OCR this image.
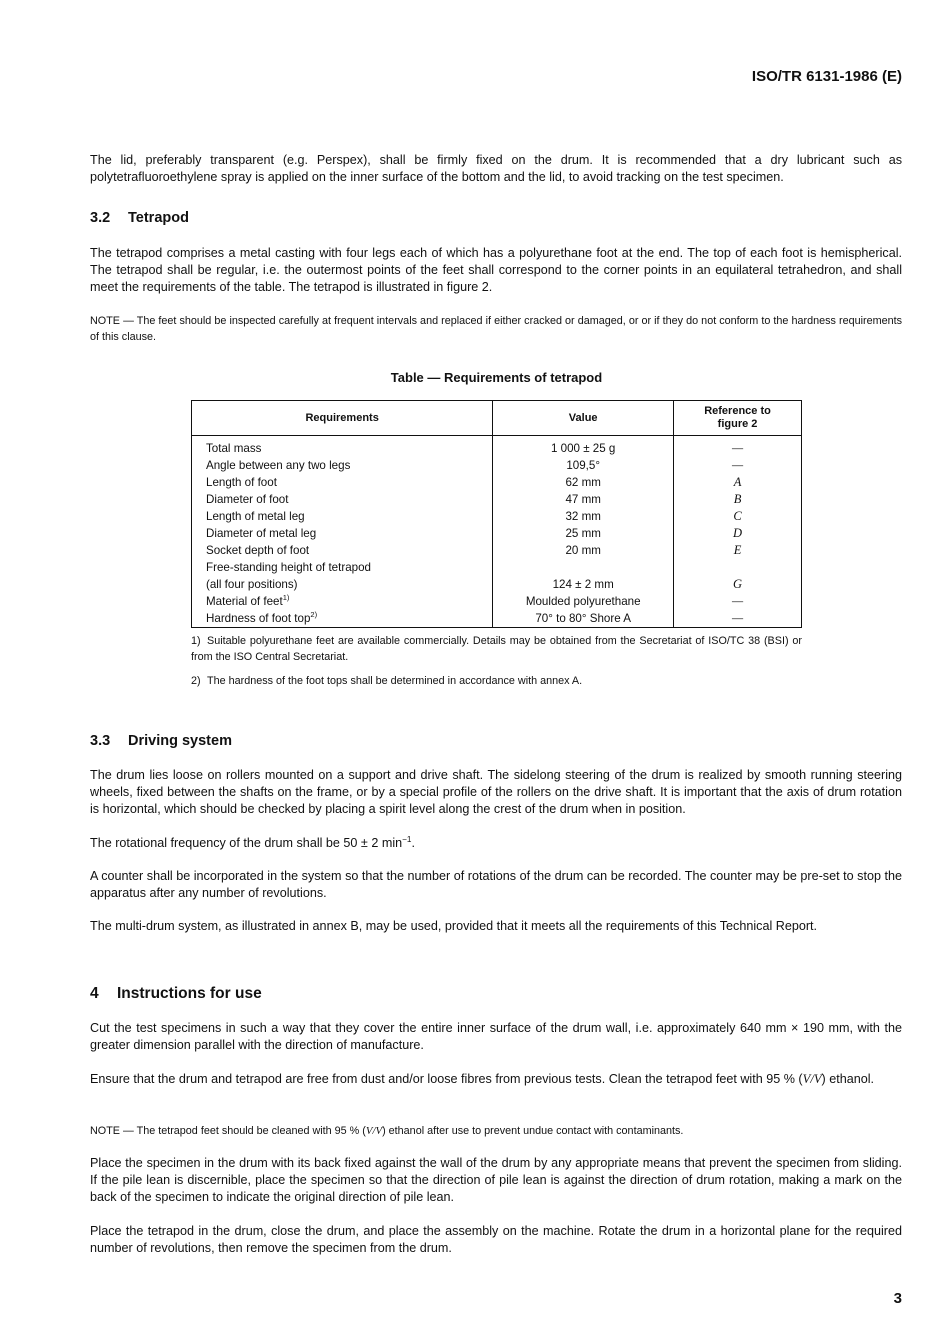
ISO/TR 6131-1986 (E)

The lid, preferably transparent (e.g. Perspex), shall be firmly fixed on the drum. It is recommended that a dry lubricant such as polytetrafluoroethylene spray is applied on the inner surface of the bottom and the lid, to avoid tracking on the test specimen.

3.2 Tetrapod

The tetrapod comprises a metal casting with four legs each of which has a polyurethane foot at the end. The top of each foot is hemispherical. The tetrapod shall be regular, i.e. the outermost points of the feet shall correspond to the corner points in an equilateral tetrahedron, and shall meet the requirements of the table. The tetrapod is illustrated in figure 2.

NOTE — The feet should be inspected carefully at frequent intervals and replaced if either cracked or damaged, or or if they do not conform to the hardness requirements of this clause.

Table — Requirements of tetrapod
Requirements	Value	Reference to figure 2

Total mass	1 000 ± 25 g	—
Angle between any two legs	109,5°	—
Length of foot	62 mm	A
Diameter of foot	47 mm	B
Length of metal leg	32 mm	C
Diameter of metal leg	25 mm	D
Socket depth of foot	20 mm	E
Free-standing height of tetrapod		
(all four positions)	124 ± 2 mm	G
Material of feet$^{1)}$	Moulded polyurethane	—
Hardness of foot top$^{2)}$	70° to 80° Shore A	—

1) Suitable polyurethane feet are available commercially. Details may be obtained from the Secretariat of ISO/TC 38 (BSI) or from the ISO Central Secretariat.

2) The hardness of the foot tops shall be determined in accordance with annex A.

3.3 Driving system

The drum lies loose on rollers mounted on a support and drive shaft. The sidelong steering of the drum is realized by smooth running steering wheels, fixed between the shafts on the frame, or by a special profile of the rollers on the drive shaft. It is important that the axis of drum rotation is horizontal, which should be checked by placing a spirit level along the crest of the drum when in position.

The rotational frequency of the drum shall be 50 ± 2 $\min^{-1}$.

A counter shall be incorporated in the system so that the number of rotations of the drum can be recorded. The counter may be pre-set to stop the apparatus after any number of revolutions.

The multi-drum system, as illustrated in annex B, may be used, provided that it meets all the requirements of this Technical Report.

4 Instructions for use

Cut the test specimens in such a way that they cover the entire inner surface of the drum wall, i.e. approximately 640 mm × 190 mm, with the greater dimension parallel with the direction of manufacture.

Ensure that the drum and tetrapod are free from dust and/or loose fibres from previous tests. Clean the tetrapod feet with 95 % (V/V) ethanol.

NOTE — The tetrapod feet should be cleaned with 95 % (V/V) ethanol after use to prevent undue contact with contaminants.

Place the specimen in the drum with its back fixed against the wall of the drum by any appropriate means that prevent the specimen from sliding. If the pile lean is discernible, place the specimen so that the direction of pile lean is against the direction of drum rotation, making a mark on the back of the specimen to indicate the original direction of pile lean.

Place the tetrapod in the drum, close the drum, and place the assembly on the machine. Rotate the drum in a horizontal plane for the required number of revolutions, then remove the specimen from the drum.

3
